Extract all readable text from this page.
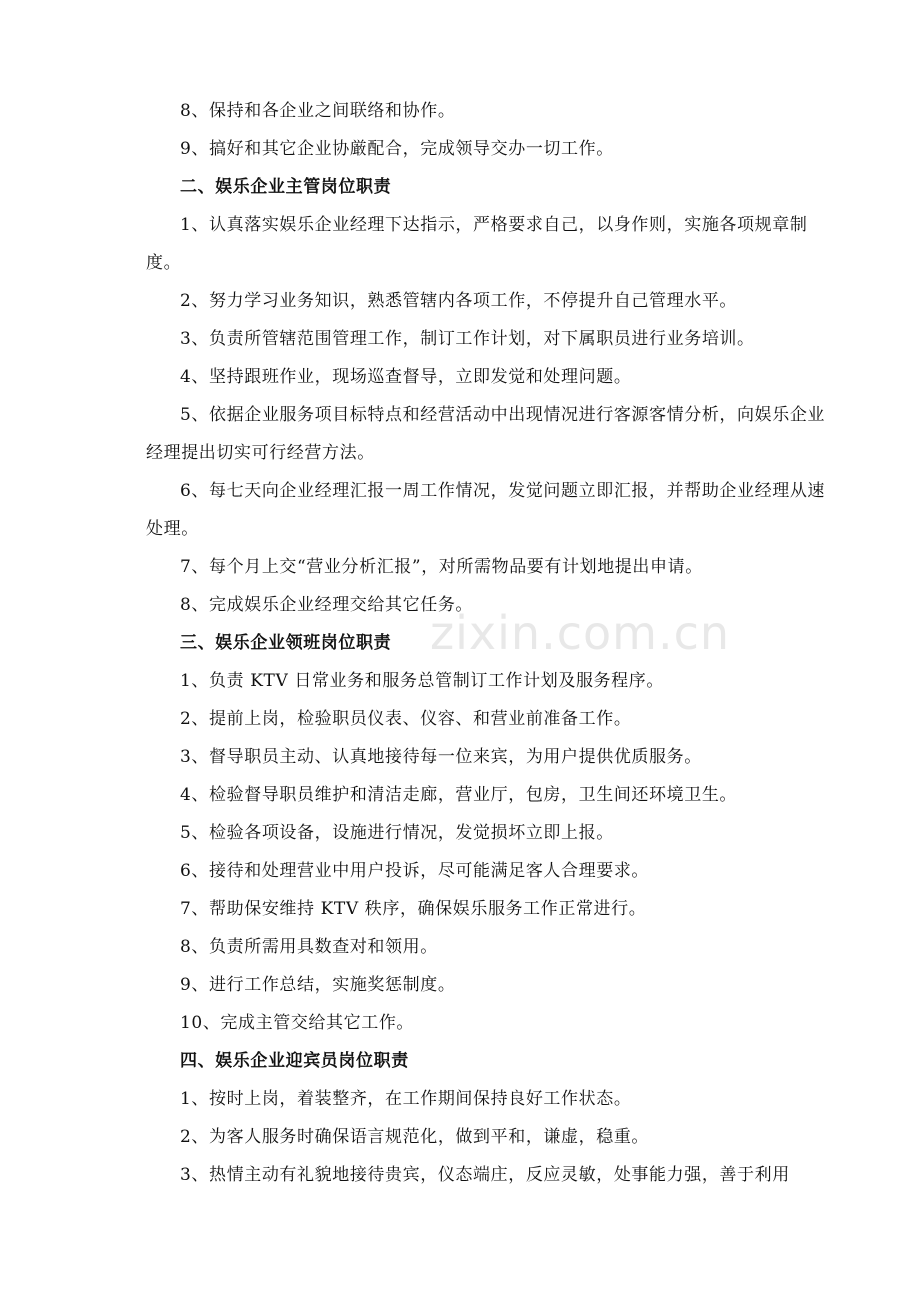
8、保持和各企业之间联络和协作。

9、搞好和其它企业协厳配合，完成领导交办一切工作。

二、娱乐企业主管岗位职责

1、认真落实娱乐企业经理下达指示，严格要求自己，以身作则，实施各项规章制度。

2、努力学习业务知识，熟悉管辖内各项工作，不停提升自己管理水平。

3、负责所管辖范围管理工作，制订工作计划，对下属职员进行业务培训。

4、坚持跟班作业，现场巡查督导，立即发觉和处理问题。

5、依据企业服务项目标特点和经营活动中出现情况进行客源客情分析，向娱乐企业经理提出切实可行经营方法。

6、每七天向企业经理汇报一周工作情况，发觉问题立即汇报，并帮助企业经理从速处理。

7、每个月上交“营业分析汇报”，对所需物品要有计划地提出申请。

8、完成娱乐企业经理交给其它任务。

三、娱乐企业领班岗位职责

1、负责 KTV 日常业务和服务总管制订工作计划及服务程序。

2、提前上岗，检验职员仪表、仪容、和营业前准备工作。

3、督导职员主动、认真地接待每一位来宾，为用户提供优质服务。

4、检验督导职员维护和清洁走廊，营业厅，包房，卫生间还环境卫生。

5、检验各项设备，设施进行情况，发觉损坏立即上报。

6、接待和处理营业中用户投诉，尽可能满足客人合理要求。

7、帮助保安维持 KTV 秩序，确保娱乐服务工作正常进行。

8、负责所需用具数查对和领用。

9、进行工作总结，实施奖惩制度。

10、完成主管交给其它工作。

四、娱乐企业迎宾员岗位职责

1、按时上岗，着装整齐，在工作期间保持良好工作状态。

2、为客人服务时确保语言规范化，做到平和，谦虚，稳重。

3、热情主动有礼貌地接待贵宾，仪态端庄，反应灵敏，处事能力强，善于利用

zixin.com.cn
